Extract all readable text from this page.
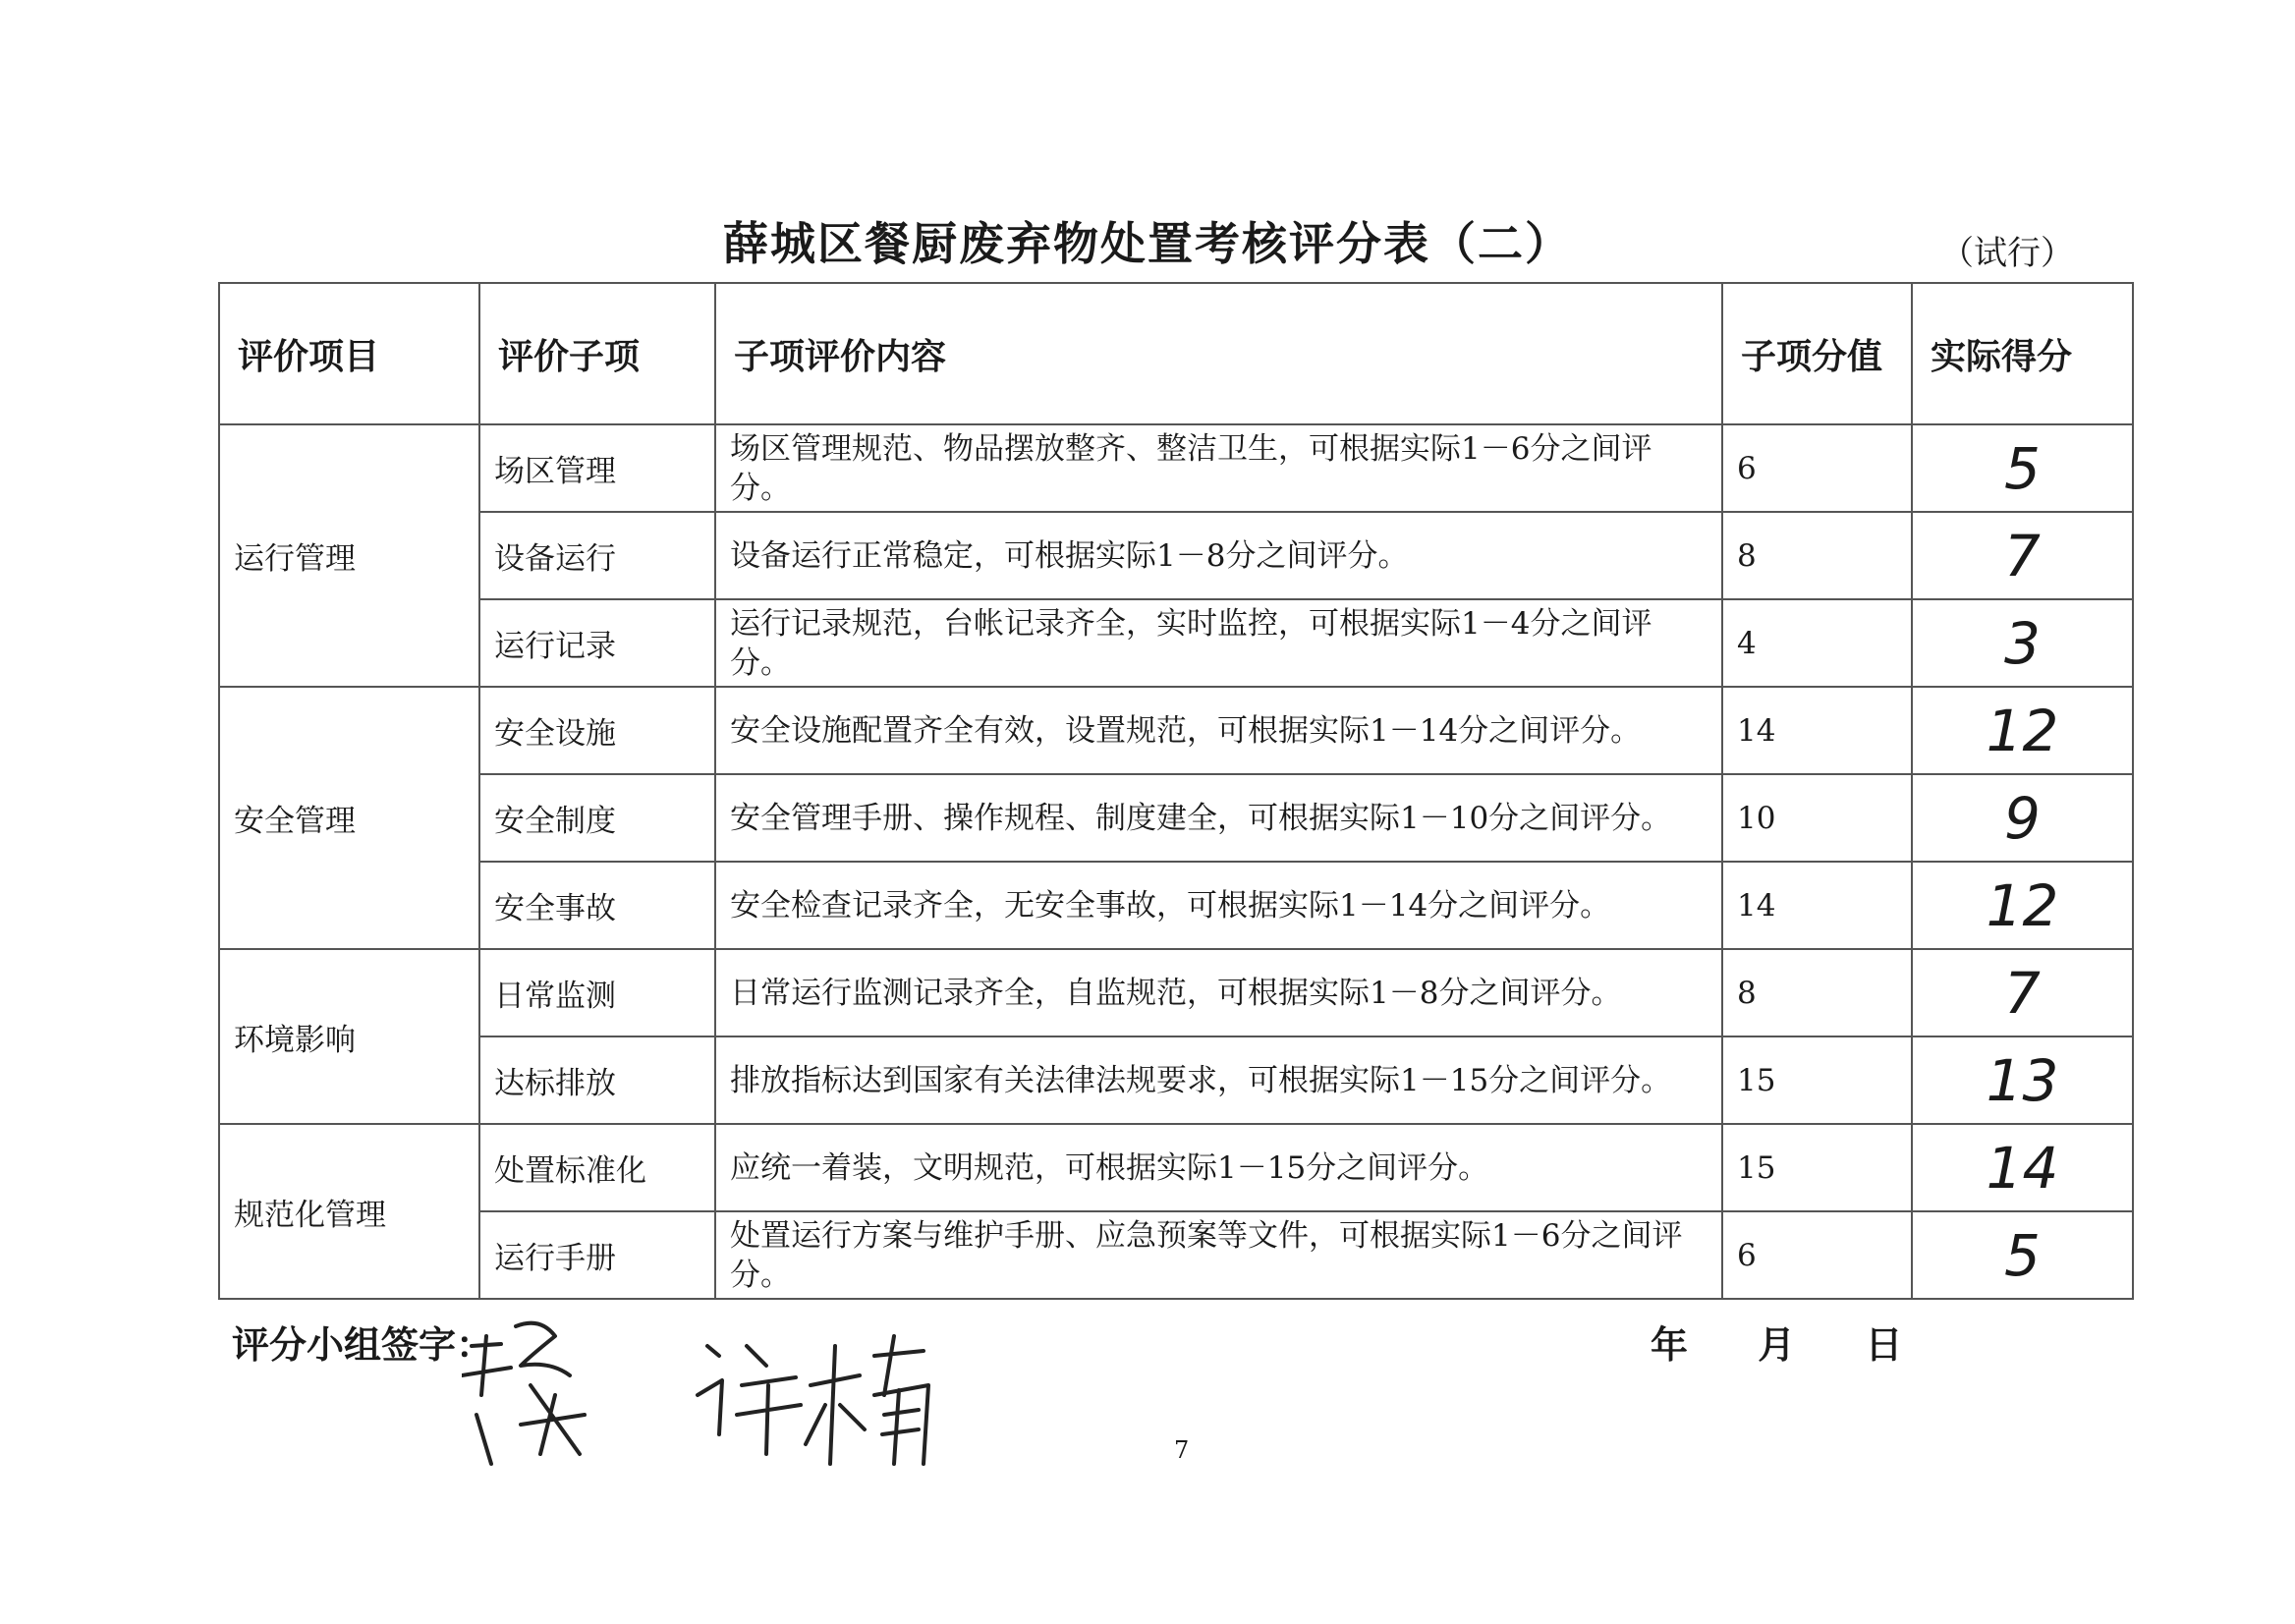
薛城区餐厨废弃物处置考核评分表（二）	（试行）
评价项目	评价子项	子项评价内容	子项分值	实际得分
运行管理	场区管理	场区管理规范、物品摆放整齐、整洁卫生，可根据实际1－6分之间评分。	6	5
	设备运行	设备运行正常稳定，可根据实际1－8分之间评分。	8	7
	运行记录	运行记录规范，台帐记录齐全，实时监控，可根据实际1－4分之间评分。	4	3
安全管理	安全设施	安全设施配置齐全有效，设置规范，可根据实际1－14分之间评分。	14	12
	安全制度	安全管理手册、操作规程、制度建全，可根据实际1－10分之间评分。	10	9
	安全事故	安全检查记录齐全，无安全事故，可根据实际1－14分之间评分。	14	12
环境影响	日常监测	日常运行监测记录齐全，自监规范，可根据实际1－8分之间评分。	8	7
	达标排放	排放指标达到国家有关法律法规要求，可根据实际1－15分之间评分。	15	13
规范化管理	处置标准化	应统一着装，文明规范，可根据实际1－15分之间评分。	15	14
	运行手册	处置运行方案与维护手册、应急预案等文件，可根据实际1－6分之间评分。	6	5
评分小组签字：	年 月 日
7
